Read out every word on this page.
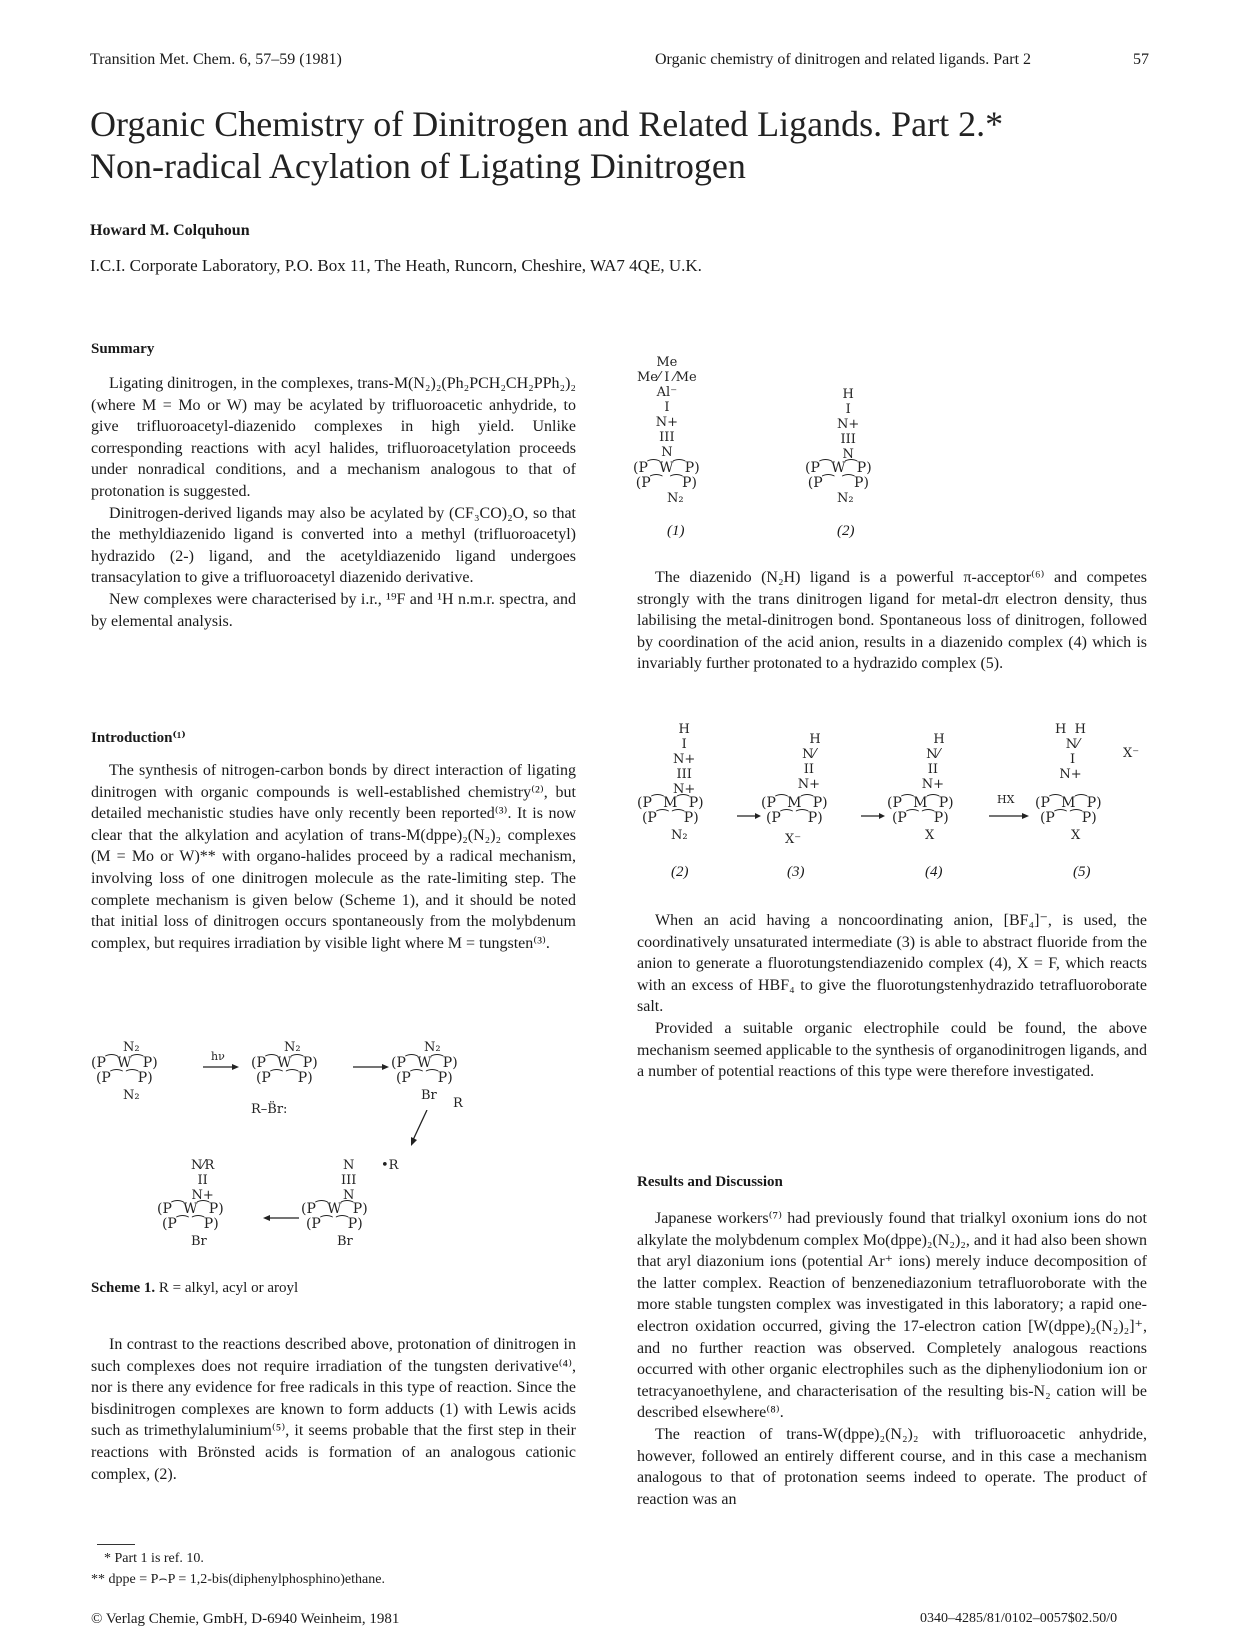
Transition Met. Chem. 6, 57–59 (1981)	Organic chemistry of dinitrogen and related ligands. Part 2	57
Organic Chemistry of Dinitrogen and Related Ligands. Part 2.*
Non-radical Acylation of Ligating Dinitrogen
Howard M. Colquhoun
I.C.I. Corporate Laboratory, P.O. Box 11, The Heath, Runcorn, Cheshire, WA7 4QE, U.K.
Summary

Ligating dinitrogen, in the complexes, trans-M(N₂)₂(Ph₂PCH₂CH₂PPh₂)₂ (where M = Mo or W) may be acylated by trifluoroacetic anhydride, to give trifluoroacetyl-diazenido complexes in high yield. Unlike corresponding reactions with acyl halides, trifluoroacetylation proceeds under nonradical conditions, and a mechanism analogous to that of protonation is suggested.

Dinitrogen-derived ligands may also be acylated by (CF₃CO)₂O, so that the methyldiazenido ligand is converted into a methyl (trifluoroacetyl) hydrazido (2-) ligand, and the acetyldiazenido ligand undergoes transacylation to give a trifluoroacetyl diazenido derivative.

New complexes were characterised by i.r., ¹⁹F and ¹H n.m.r. spectra, and by elemental analysis.

Introduction⁽¹⁾

The synthesis of nitrogen-carbon bonds by direct interaction of ligating dinitrogen with organic compounds is well-established chemistry⁽²⁾, but detailed mechanistic studies have only recently been reported⁽³⁾. It is now clear that the alkylation and acylation of trans-M(dppe)₂(N₂)₂ complexes (M = Mo or W)** with organo-halides proceed by a radical mechanism, involving loss of one dinitrogen molecule as the rate-limiting step. The complete mechanism is given below (Scheme 1), and it should be noted that initial loss of dinitrogen occurs spontaneously from the molybdenum complex, but requires irradiation by visible light where M = tungsten⁽³⁾.

N₂
(P⁀W⁀P)
(P⁀ ⁀P)
N₂
hν
N₂
(P⁀W⁀P)
(P⁀ ⁀P)
R–B̈r:
N₂
(P⁀W⁀P)
(P⁀ ⁀P)
Br
R
N
III
N
•R
(P⁀W⁀P)
(P⁀ ⁀P)
Br
N⁄R
II
N+
(P⁀W⁀P)
(P⁀ ⁀P)
Br
Scheme 1. R = alkyl, acyl or aroyl

In contrast to the reactions described above, protonation of dinitrogen in such complexes does not require irradiation of the tungsten derivative⁽⁴⁾, nor is there any evidence for free radicals in this type of reaction. Since the bisdinitrogen complexes are known to form adducts (1) with Lewis acids such as trimethylaluminium⁽⁵⁾, it seems probable that the first step in their reactions with Brönsted acids is formation of an analogous cationic complex, (2).

* Part 1 is ref. 10.
** dppe = P⌢P = 1,2-bis(diphenylphosphino)ethane.
© Verlag Chemie, GmbH, D-6940 Weinheim, 1981	0340–4285/81/0102–0057$02.50/0
Me
Me⁄ I ⁄Me
Al⁻
I
N+
III
N
(P⁀W⁀P)
(P⁀  ⁀P)
N₂
(1)
H
I
N+
III
N
(P⁀W⁀P)
(P⁀  ⁀P)
N₂
(2)

The diazenido (N₂H) ligand is a powerful π-acceptor⁽⁶⁾ and competes strongly with the trans dinitrogen ligand for metal-dπ electron density, thus labilising the metal-dinitrogen bond. Spontaneous loss of dinitrogen, followed by coordination of the acid anion, results in a diazenido complex (4) which is invariably further protonated to a hydrazido complex (5).

H
I
N+
III
N+
(P⁀M⁀P)
(P⁀ ⁀P)
N₂
H
N⁄
II
N+
(P⁀M⁀P)
(P⁀ ⁀P)
X⁻
H
N⁄
II
N+
(P⁀M⁀P)
(P⁀ ⁀P)
X
HX
H  H
N⁄
I
N+
X⁻
(P⁀M⁀P)
(P⁀ ⁀P)
X
(2)	(3)	(4)	(5)

When an acid having a noncoordinating anion, [BF₄]⁻, is used, the coordinatively unsaturated intermediate (3) is able to abstract fluoride from the anion to generate a fluorotungstendiazenido complex (4), X = F, which reacts with an excess of HBF₄ to give the fluorotungstenhydrazido tetrafluoroborate salt.

Provided a suitable organic electrophile could be found, the above mechanism seemed applicable to the synthesis of organodinitrogen ligands, and a number of potential reactions of this type were therefore investigated.

Results and Discussion

Japanese workers⁽⁷⁾ had previously found that trialkyl oxonium ions do not alkylate the molybdenum complex Mo(dppe)₂(N₂)₂, and it had also been shown that aryl diazonium ions (potential Ar⁺ ions) merely induce decomposition of the latter complex. Reaction of benzenediazonium tetrafluoroborate with the more stable tungsten complex was investigated in this laboratory; a rapid one-electron oxidation occurred, giving the 17-electron cation [W(dppe)₂(N₂)₂]⁺, and no further reaction was observed. Completely analogous reactions occurred with other organic electrophiles such as the diphenyliodonium ion or tetracyanoethylene, and characterisation of the resulting bis-N₂ cation will be described elsewhere⁽⁸⁾.

The reaction of trans-W(dppe)₂(N₂)₂ with trifluoroacetic anhydride, however, followed an entirely different course, and in this case a mechanism analogous to that of protonation seems indeed to operate. The product of reaction was an
